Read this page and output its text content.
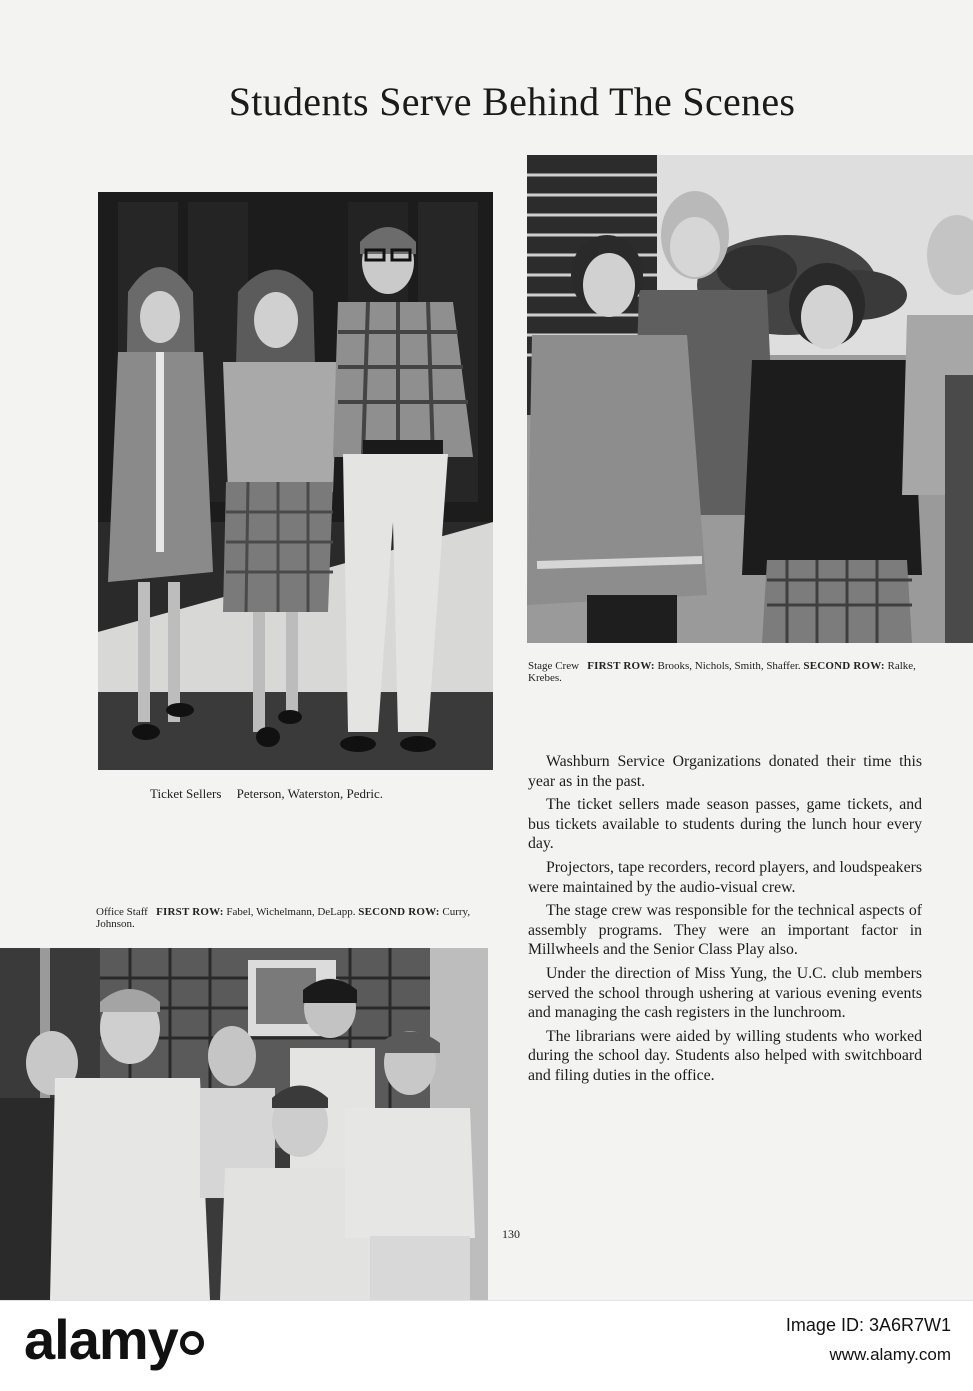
Students Serve Behind The Scenes
Stage Crew FIRST ROW: Brooks, Nichols, Smith, Shaffer. SECOND ROW: Ralke, Krebes.
Ticket Sellers Peterson, Waterston, Pedric.
Office Staff FIRST ROW: Fabel, Wichelmann, DeLapp. SECOND ROW: Curry, Johnson.

Washburn Service Organizations donated their time this year as in the past.

The ticket sellers made season passes, game tickets, and bus tickets available to students during the lunch hour every day.

Projectors, tape recorders, record players, and loudspeakers were maintained by the audio-visual crew.

The stage crew was responsible for the technical aspects of assembly programs. They were an important factor in Millwheels and the Senior Class Play also.

Under the direction of Miss Yung, the U.C. club members served the school through ushering at various evening events and managing the cash registers in the lunchroom.

The librarians were aided by willing students who worked during the school day. Students also helped with switchboard and filing duties in the office.

130
alamy	Image ID: 3A6R7W1
www.alamy.com
